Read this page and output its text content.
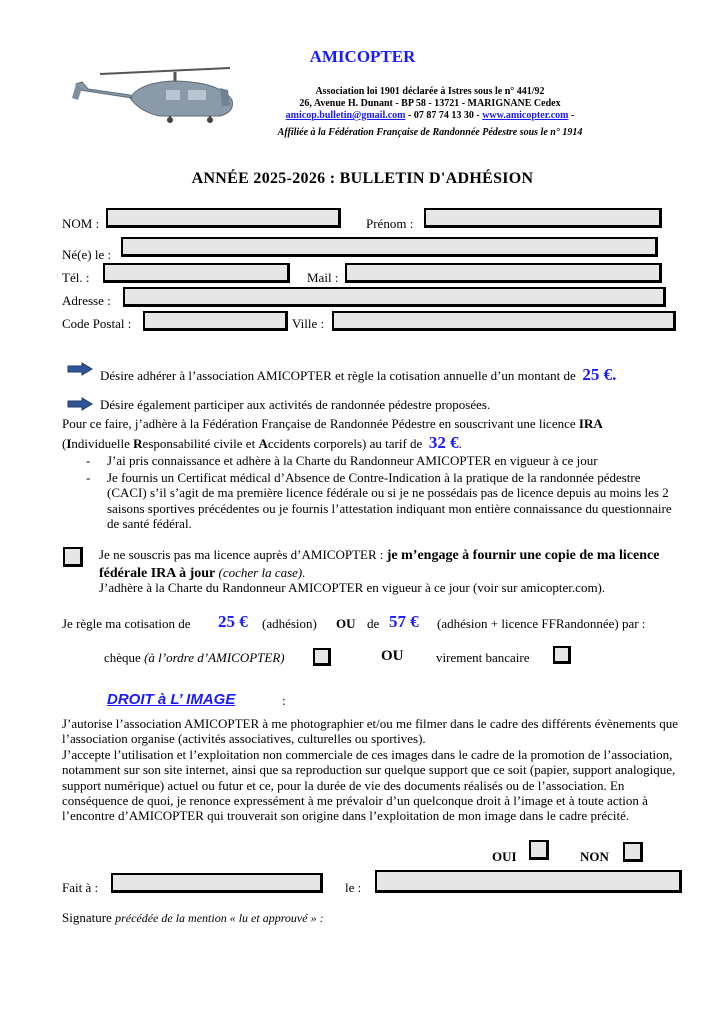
AMICOPTER
Association loi 1901 déclarée à Istres sous le n° 441/92
26, Avenue H. Dunant - BP 58 - 13721 - MARIGNANE Cedex
amicop.bulletin@gmail.com - 07 87 74 13 30 - www.amicopter.com -
Affiliée à la Fédération Française de Randonnée Pédestre sous le n° 1914
ANNÉE 2025-2026 : BULLETIN D'ADHÉSION
NOM :	Prénom :
Né(e) le :
Tél. :	Mail :
Adresse :
Code Postal :	Ville :
Désire adhérer à l’association AMICOPTER et règle la cotisation annuelle d’un montant de 25 €.
Désire également participer aux activités de randonnée pédestre proposées.
Pour ce faire, j’adhère à la Fédération Française de Randonnée Pédestre en souscrivant une licence IRA
(Individuelle Responsabilité civile et Accidents corporels) au tarif de 32 €.
- J’ai pris connaissance et adhère à la Charte du Randonneur AMICOPTER en vigueur à ce jour
- Je fournis un Certificat médical d’Absence de Contre-Indication à la pratique de la randonnée pédestre (CACI) s’il s’agit de ma première licence fédérale ou si je ne possédais pas de licence depuis au moins les 2 saisons sportives précédentes ou je fournis l’attestation indiquant mon entière connaissance du questionnaire de santé fédéral.
Je ne souscris pas ma licence auprès d’AMICOPTER : je m’engage à fournir une copie de ma licence fédérale IRA à jour (cocher la case).
J’adhère à la Charte du Randonneur AMICOPTER en vigueur à ce jour (voir sur amicopter.com).
Je règle ma cotisation de 25 € (adhésion) OU de 57 € (adhésion + licence FFRandonnée) par :
chèque (à l’ordre d’AMICOPTER)	OU	virement bancaire
DROIT à L’ IMAGE	:
J’autorise l’association AMICOPTER à me photographier et/ou me filmer dans le cadre des différents évènements que l’association organise (activités associatives, culturelles ou sportives).
J’accepte l’utilisation et l’exploitation non commerciale de ces images dans le cadre de la promotion de l’association, notamment sur son site internet, ainsi que sa reproduction sur quelque support que ce soit (papier, support analogique, support numérique) actuel ou futur et ce, pour la durée de vie des documents réalisés ou de l’association. En conséquence de quoi, je renonce expressément à me prévaloir d’un quelconque droit à l’image et à toute action à l’encontre d’AMICOPTER qui trouverait son origine dans l’exploitation de mon image dans le cadre précité.
OUI	NON
Fait à :	le :
Signature précédée de la mention « lu et approuvé » :
